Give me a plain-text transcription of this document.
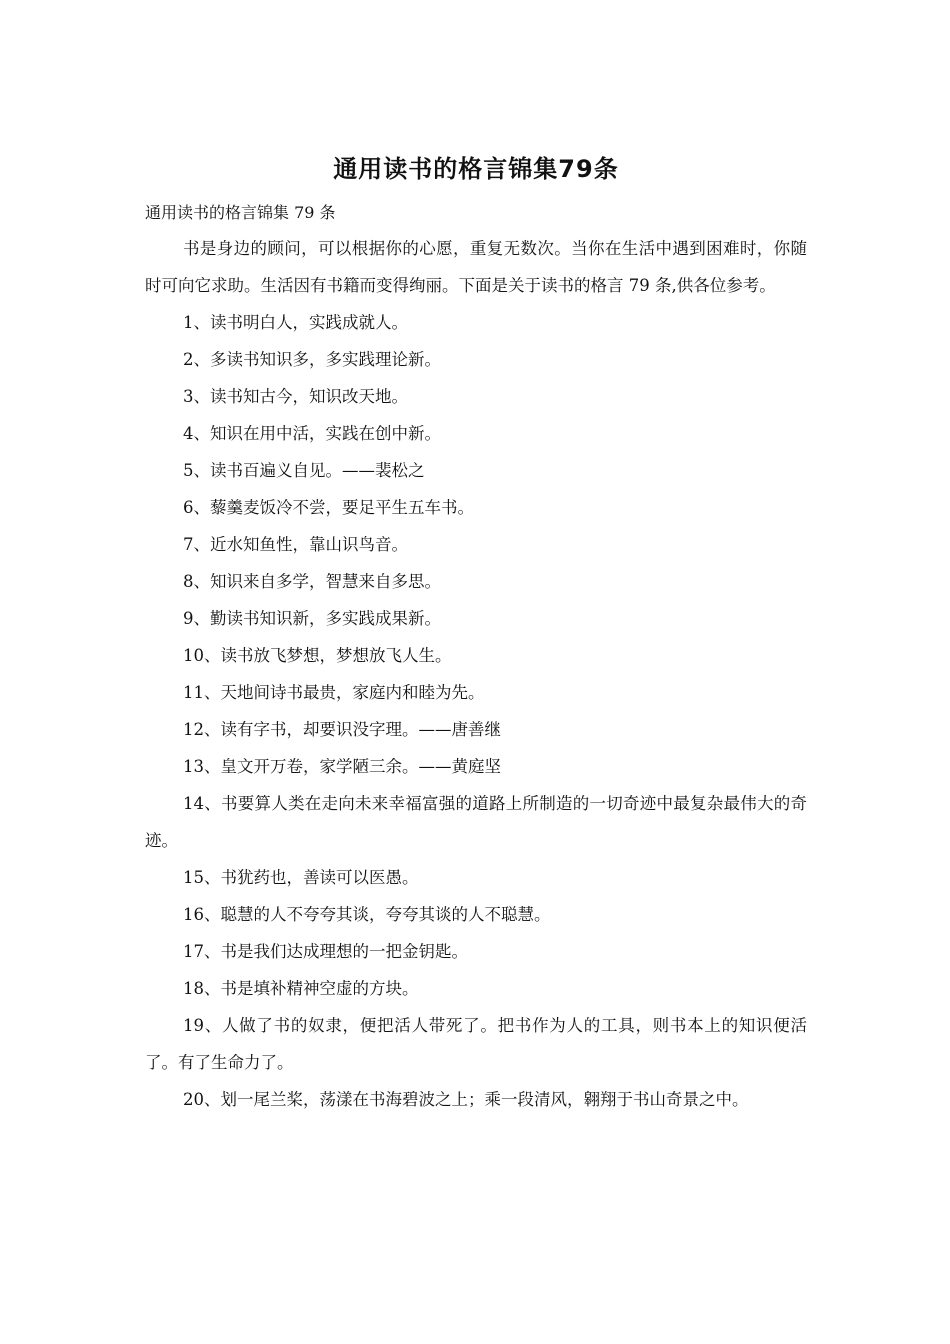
通用读书的格言锦集79条

通用读书的格言锦集 79 条

书是身边的顾问，可以根据你的心愿，重复无数次。当你在生活中遇到困难时，你随时可向它求助。生活因有书籍而变得绚丽。下面是关于读书的格言 79 条,供各位参考。

1、读书明白人，实践成就人。

2、多读书知识多，多实践理论新。

3、读书知古今，知识改天地。

4、知识在用中活，实践在创中新。

5、读书百遍义自见。——裴松之

6、藜羹麦饭冷不尝，要足平生五车书。

7、近水知鱼性，靠山识鸟音。

8、知识来自多学，智慧来自多思。

9、勤读书知识新，多实践成果新。

10、读书放飞梦想，梦想放飞人生。

11、天地间诗书最贵，家庭内和睦为先。

12、读有字书，却要识没字理。——唐善继

13、皇文开万卷，家学陋三余。——黄庭坚

14、书要算人类在走向未来幸福富强的道路上所制造的一切奇迹中最复杂最伟大的奇迹。

15、书犹药也，善读可以医愚。

16、聪慧的人不夸夸其谈，夸夸其谈的人不聪慧。

17、书是我们达成理想的一把金钥匙。

18、书是填补精神空虚的方块。

19、人做了书的奴隶，便把活人带死了。把书作为人的工具，则书本上的知识便活了。有了生命力了。

20、划一尾兰桨，荡漾在书海碧波之上；乘一段清风，翱翔于书山奇景之中。
